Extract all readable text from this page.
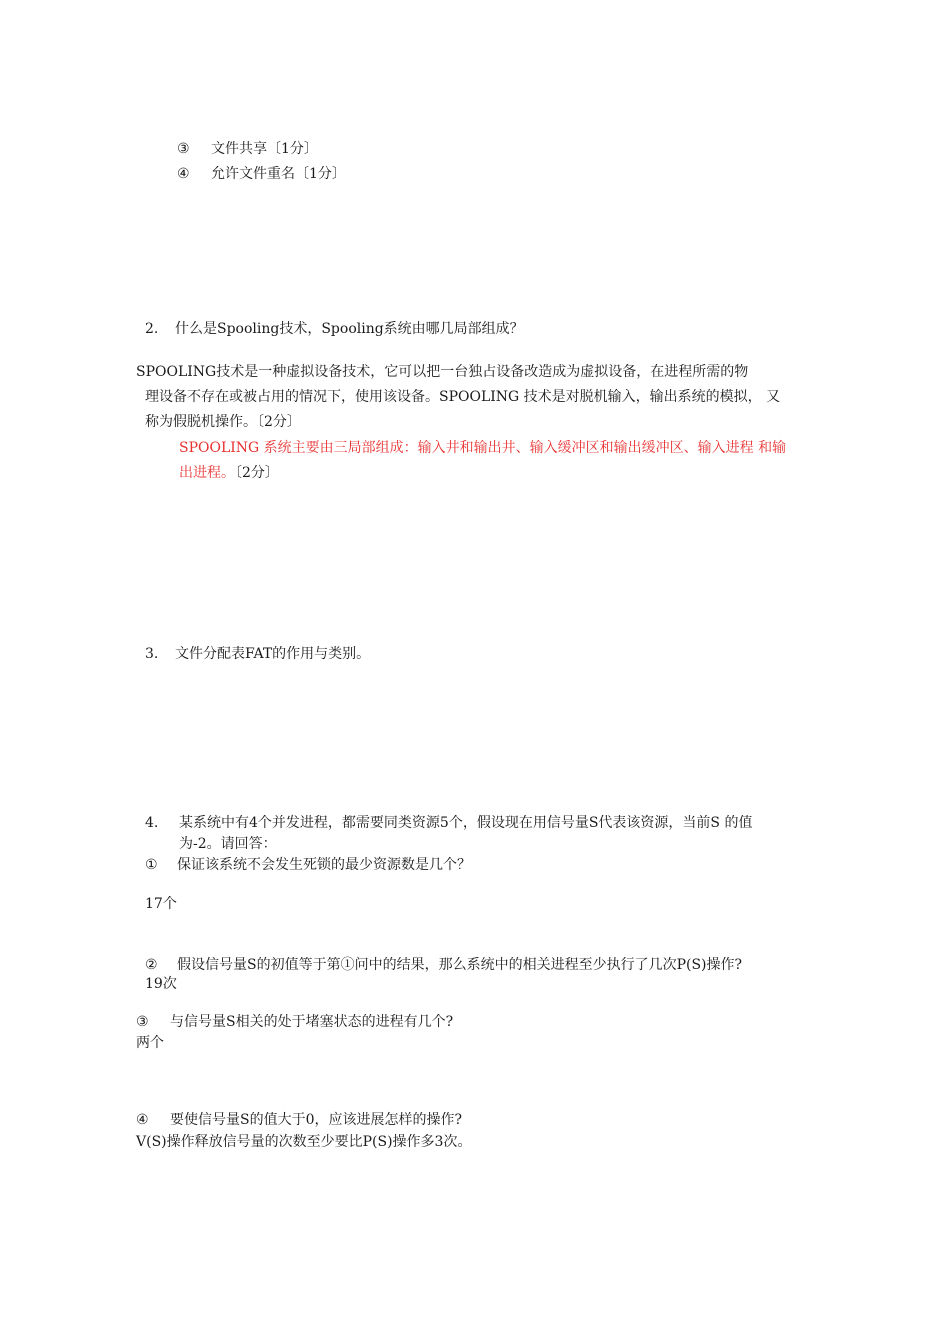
③ 文件共享〔1分〕
④ 允许文件重名〔1分〕
2. 什么是Spooling技术，Spooling系统由哪几局部组成？
SPOOLING技术是一种虚拟设备技术，它可以把一台独占设备改造成为虚拟设备，在进程所需的物
理设备不存在或被占用的情况下，使用该设备。SPOOLING 技术是对脱机输入，输出系统的模拟， 又
称为假脱机操作。〔2分〕
SPOOLING 系统主要由三局部组成：输入井和输出井、输入缓冲区和输出缓冲区、输入进程 和输
出进程。〔2分〕
3. 文件分配表FAT的作用与类别。
4. 某系统中有4个并发进程，都需要同类资源5个，假设现在用信号量S代表该资源，当前S 的值
为-2。请回答：
① 保证该系统不会发生死锁的最少资源数是几个？
17个
② 假设信号量S的初值等于第①问中的结果，那么系统中的相关进程至少执行了几次P(S)操作?
19次
③ 与信号量S相关的处于堵塞状态的进程有几个?
两个
④ 要使信号量S的值大于0，应该进展怎样的操作?
V(S)操作释放信号量的次数至少要比P(S)操作多3次。
